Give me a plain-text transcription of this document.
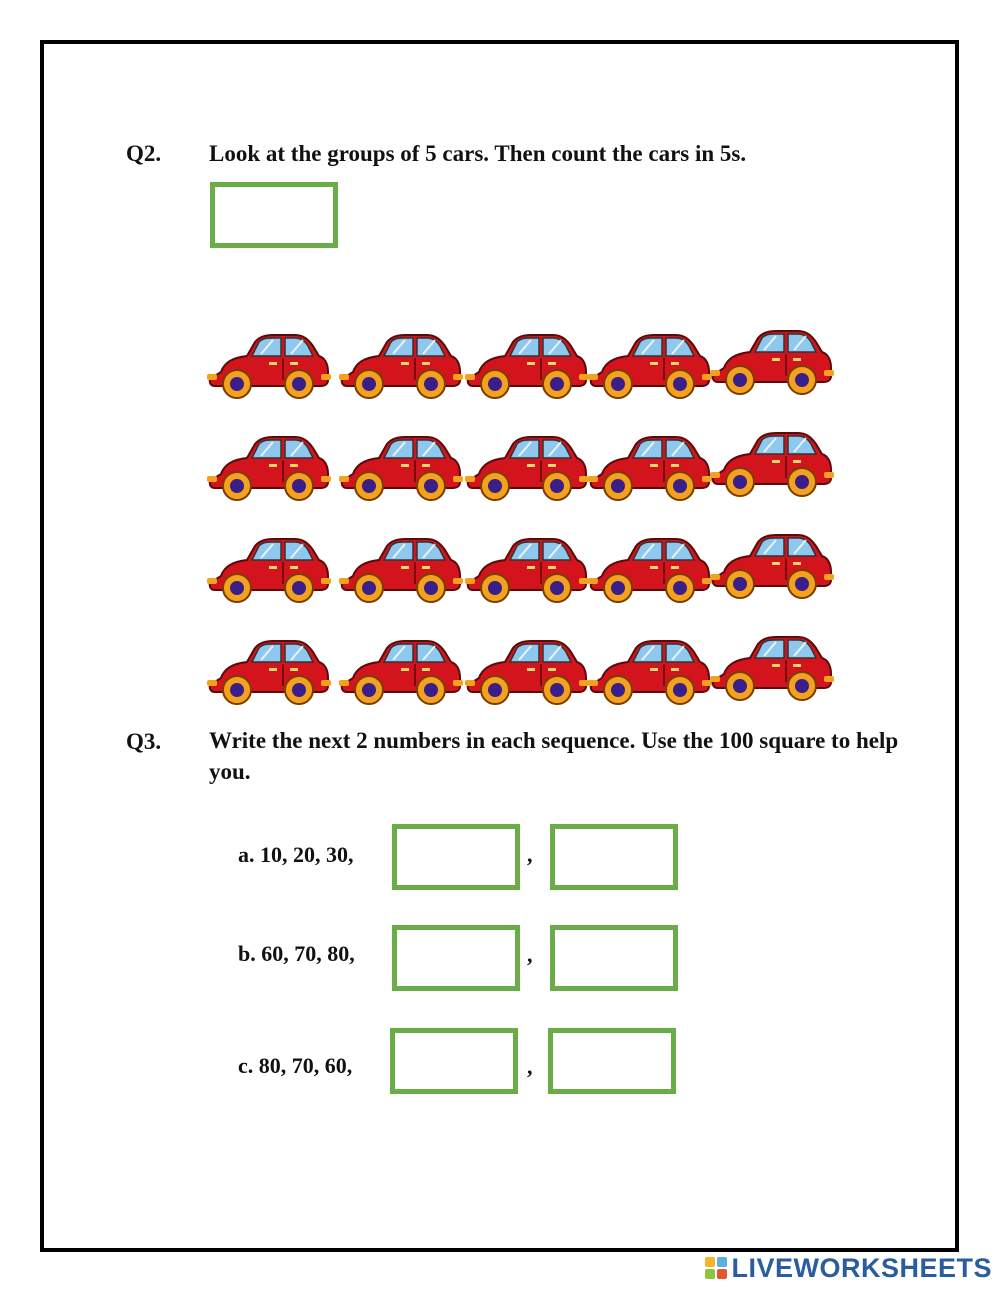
Q2. Look at the groups of 5 cars. Then count the cars in 5s.
Q3. Write the next 2 numbers in each sequence. Use the 100 square to help you.
a. 10, 20, 30,	,
b. 60, 70, 80,	,
c. 80, 70, 60,	,
LIVEWORKSHEETS
